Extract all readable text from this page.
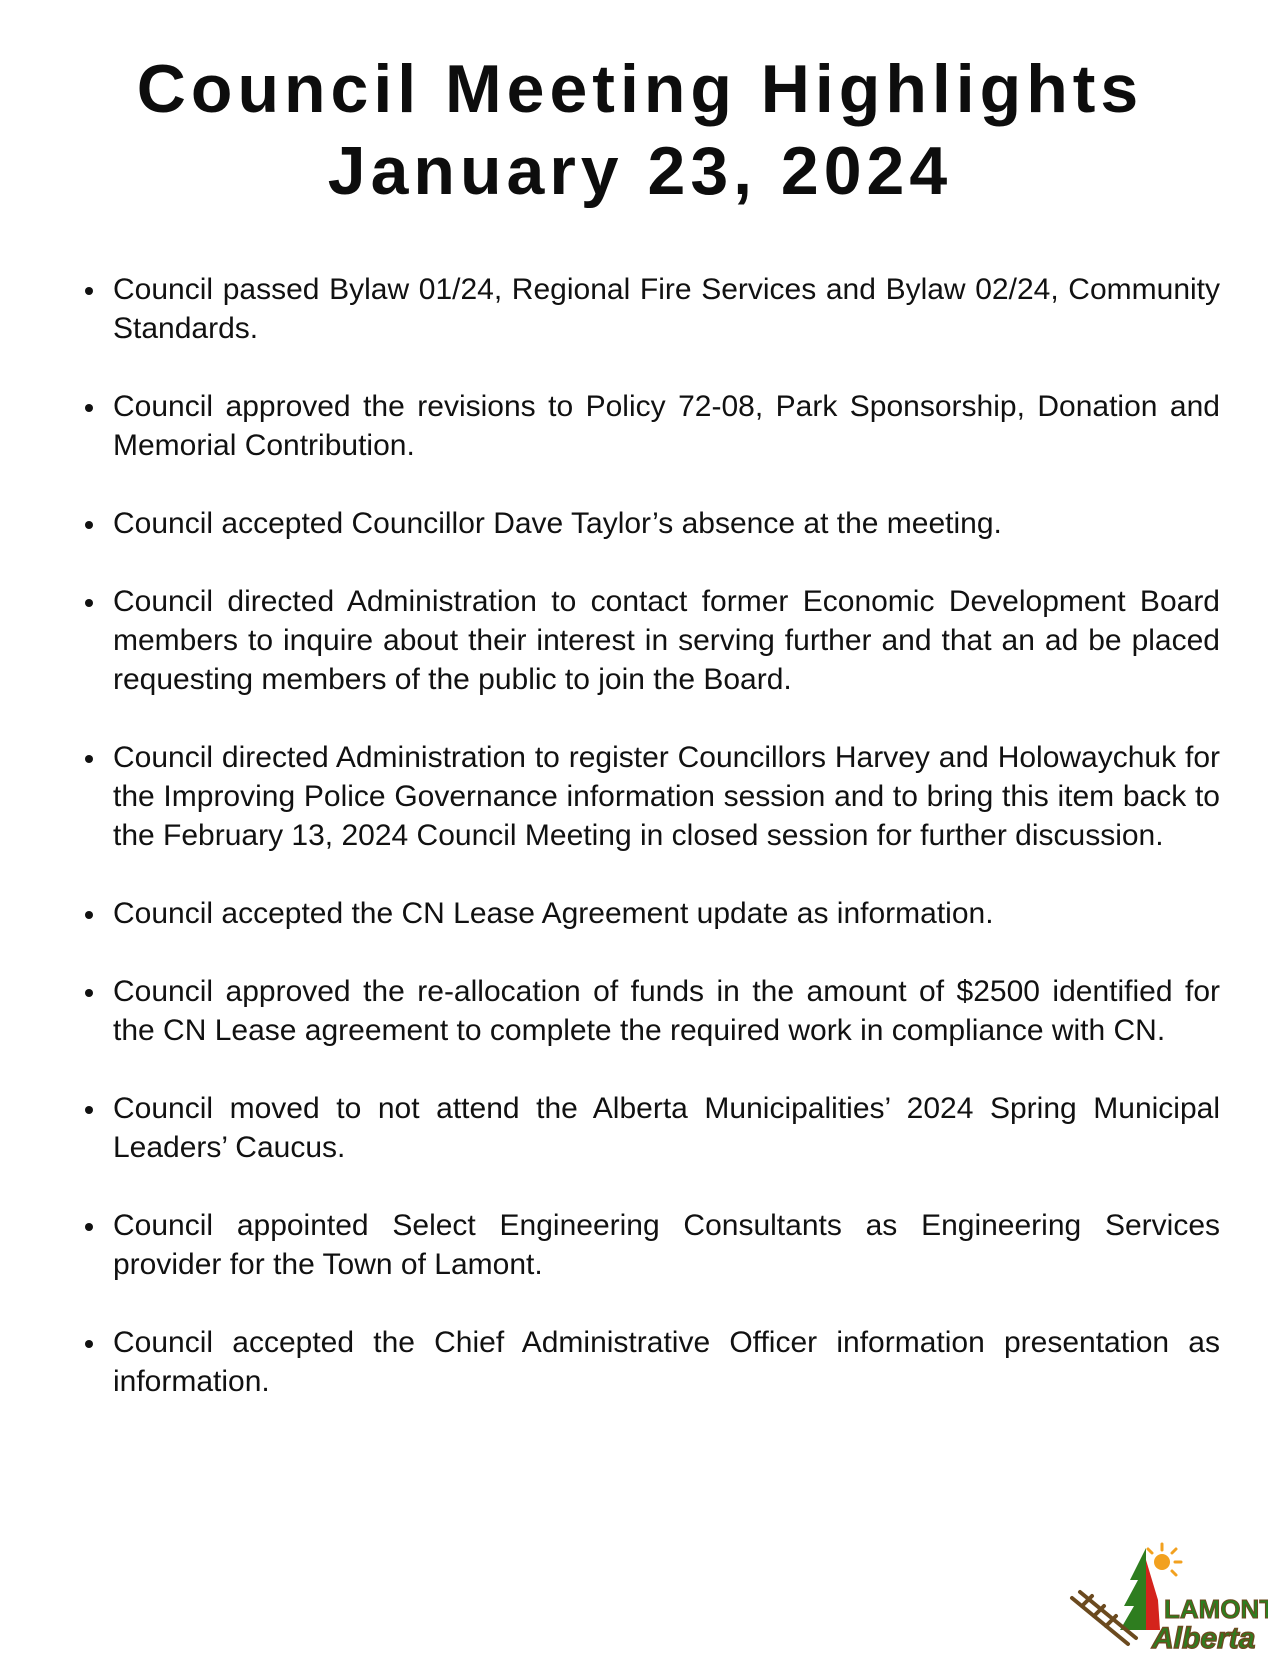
Council Meeting Highlights
January 23, 2024
Council passed Bylaw 01/24, Regional Fire Services and Bylaw 02/24, Community Standards.
Council approved the revisions to Policy 72-08, Park Sponsorship, Donation and Memorial Contribution.
Council accepted Councillor Dave Taylor’s absence at the meeting.
Council directed Administration to contact former Economic Development Board members to inquire about their interest in serving further and that an ad be placed requesting members of the public to join the Board.
Council directed Administration to register Councillors Harvey and Holowaychuk for the Improving Police Governance information session and to bring this item back to the February 13, 2024 Council Meeting in closed session for further discussion.
Council accepted the CN Lease Agreement update as information.
Council approved the re-allocation of funds in the amount of $2500 identified for the CN Lease agreement to complete the required work in compliance with CN.
Council moved to not attend the Alberta Municipalities’ 2024 Spring Municipal Leaders’ Caucus.
Council appointed Select Engineering Consultants as Engineering Services provider for the Town of Lamont.
Council accepted the Chief Administrative Officer information presentation as information.
LAMONT
Alberta
